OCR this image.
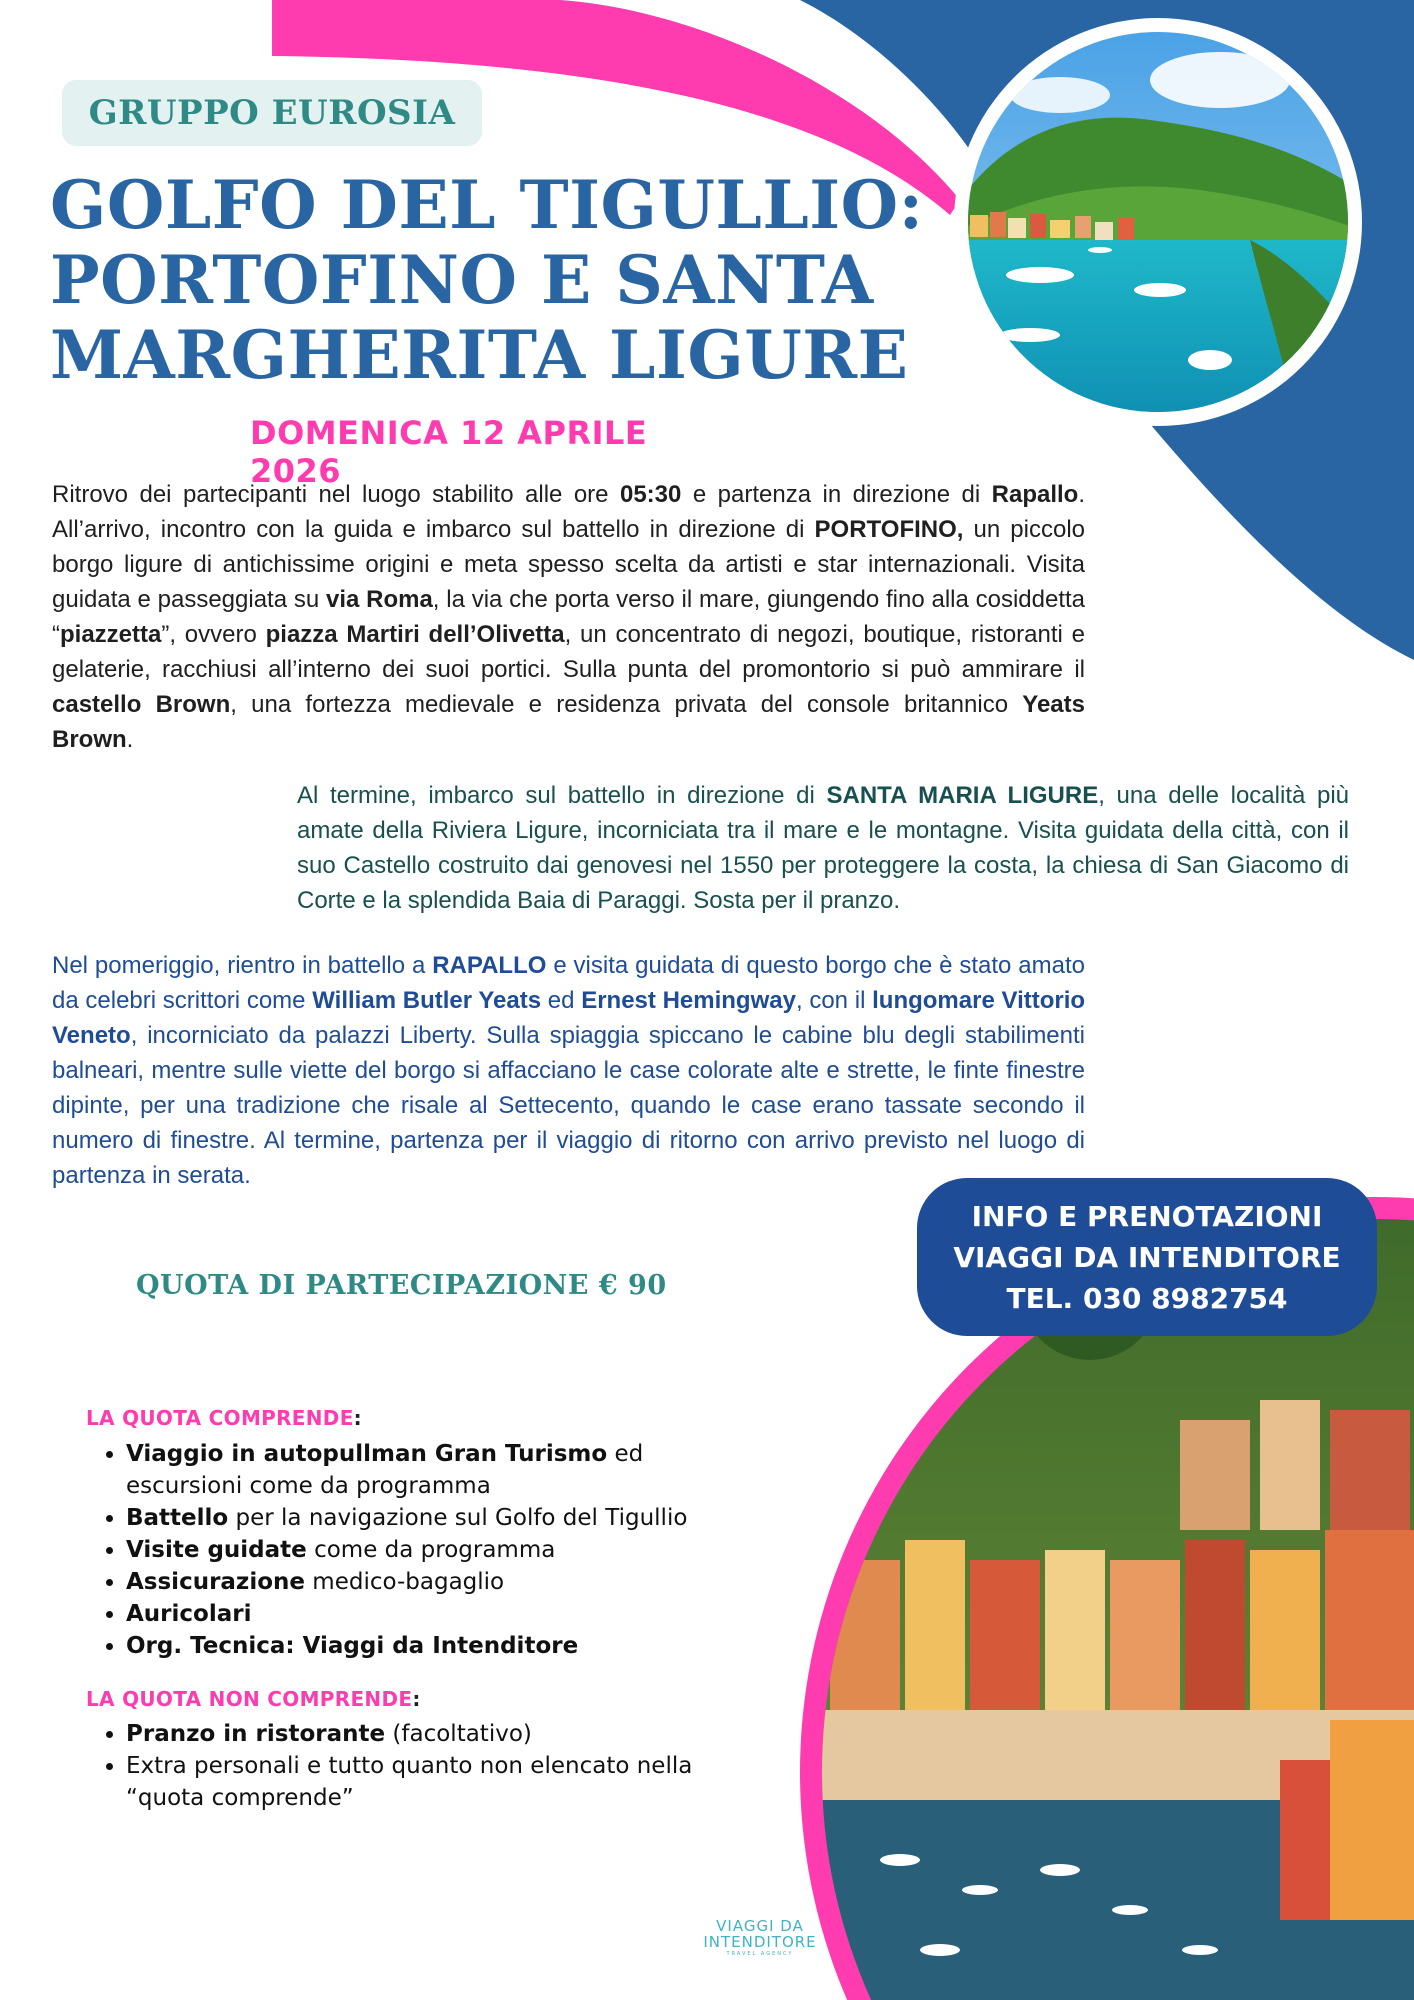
GRUPPO EUROSIA
GOLFO DEL TIGULLIO:
PORTOFINO E SANTA
MARGHERITA LIGURE
DOMENICA 12 APRILE 2026
Ritrovo dei partecipanti nel luogo stabilito alle ore 05:30 e partenza in direzione di Rapallo. All’arrivo, incontro con la guida e imbarco sul battello in direzione di PORTOFINO, un piccolo borgo ligure di antichissime origini e meta spesso scelta da artisti e star internazionali. Visita guidata e passeggiata su via Roma, la via che porta verso il mare, giungendo fino alla cosiddetta “piazzetta”, ovvero piazza Martiri dell’Olivetta, un concentrato di negozi, boutique, ristoranti e gelaterie, racchiusi all’interno dei suoi portici. Sulla punta del promontorio si può ammirare il castello Brown, una fortezza medievale e residenza privata del console britannico Yeats Brown.
Al termine, imbarco sul battello in direzione di SANTA MARIA LIGURE, una delle località più amate della Riviera Ligure, incorniciata tra il mare e le montagne. Visita guidata della città, con il suo Castello costruito dai genovesi nel 1550 per proteggere la costa, la chiesa di San Giacomo di Corte e la splendida Baia di Paraggi. Sosta per il pranzo.
Nel pomeriggio, rientro in battello a RAPALLO e visita guidata di questo borgo che è stato amato da celebri scrittori come William Butler Yeats ed Ernest Hemingway, con il lungomare Vittorio Veneto, incorniciato da palazzi Liberty. Sulla spiaggia spiccano le cabine blu degli stabilimenti balneari, mentre sulle viette del borgo si affacciano le case colorate alte e strette, le finte finestre dipinte, per una tradizione che risale al Settecento, quando le case erano tassate secondo il numero di finestre. Al termine, partenza per il viaggio di ritorno con arrivo previsto nel luogo di partenza in serata.
QUOTA DI PARTECIPAZIONE € 90
INFO E PRENOTAZIONI
VIAGGI DA INTENDITORE
TEL. 030 8982754
LA QUOTA COMPRENDE:
• Viaggio in autopullman Gran Turismo ed escursioni come da programma
• Battello per la navigazione sul Golfo del Tigullio
• Visite guidate come da programma
• Assicurazione medico-bagaglio
• Auricolari
• Org. Tecnica: Viaggi da Intenditore
LA QUOTA NON COMPRENDE:
• Pranzo in ristorante (facoltativo)
• Extra personali e tutto quanto non elencato nella “quota comprende”
VIAGGI DA
INTENDITORE
TRAVEL AGENCY
